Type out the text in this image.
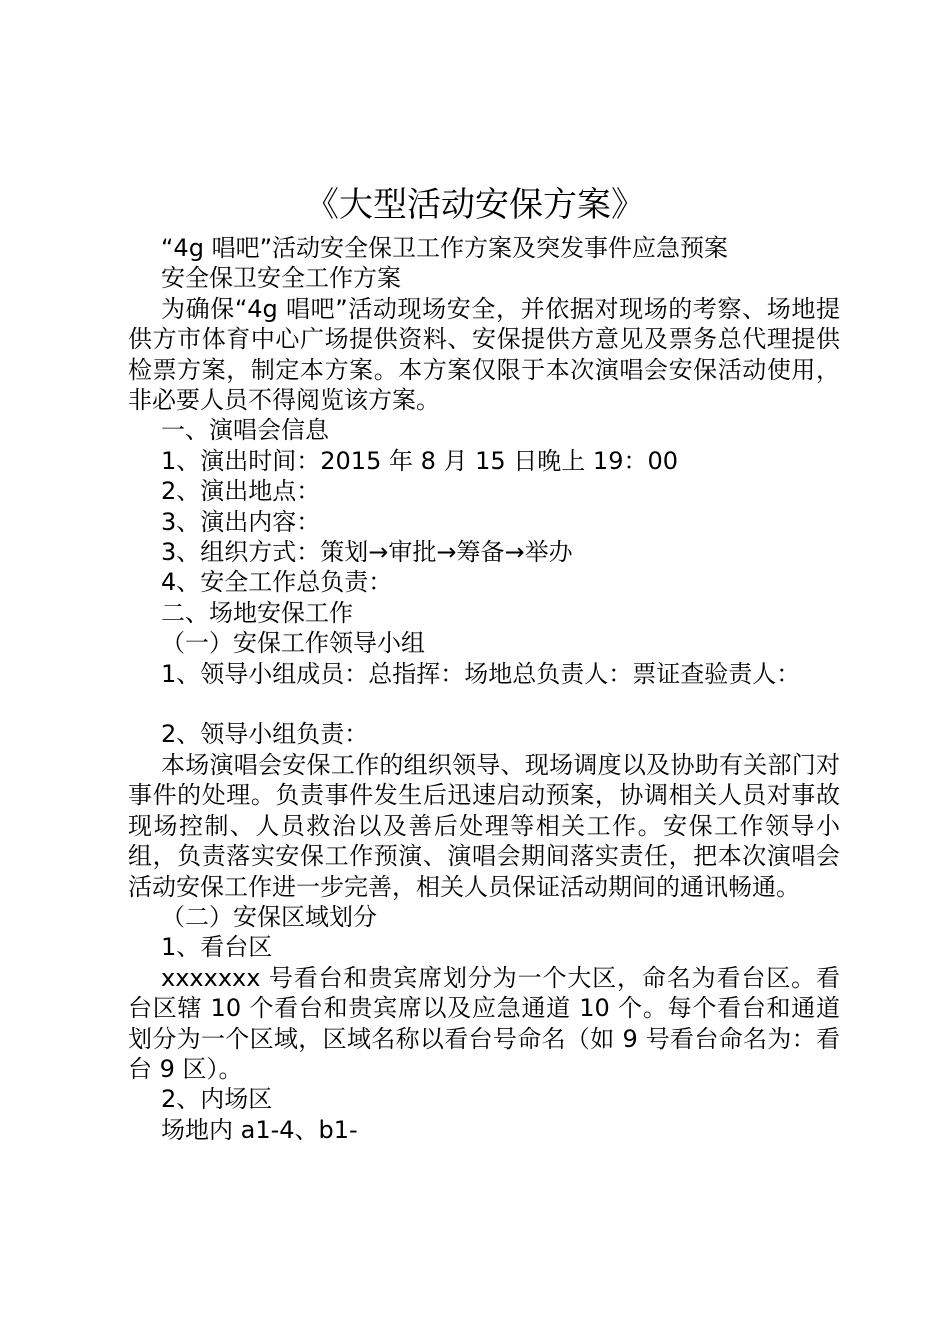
《大型活动安保方案》

“4g 唱吧”活动安全保卫工作方案及突发事件应急预案

安全保卫安全工作方案

为确保“4g 唱吧”活动现场安全，并依据对现场的考察、场地提供方市体育中心广场提供资料、安保提供方意见及票务总代理提供检票方案，制定本方案。本方案仅限于本次演唱会安保活动使用，非必要人员不得阅览该方案。

一、演唱会信息

1、演出时间：2015 年 8 月 15 日晚上 19：00

2、演出地点：

3、演出内容：

3、组织方式：策划→审批→筹备→举办

4、安全工作总负责：

二、场地安保工作

（一）安保工作领导小组

1、领导小组成员：总指挥：场地总负责人：票证查验责人：

2、领导小组负责：

本场演唱会安保工作的组织领导、现场调度以及协助有关部门对事件的处理。负责事件发生后迅速启动预案，协调相关人员对事故现场控制、人员救治以及善后处理等相关工作。安保工作领导小组，负责落实安保工作预演、演唱会期间落实责任，把本次演唱会活动安保工作进一步完善，相关人员保证活动期间的通讯畅通。

（二）安保区域划分

1、看台区

xxxxxxx 号看台和贵宾席划分为一个大区，命名为看台区。看台区辖 10 个看台和贵宾席以及应急通道 10 个。每个看台和通道划分为一个区域，区域名称以看台号命名（如 9 号看台命名为：看台 9 区）。

2、内场区

场地内 a1-4、b1-
